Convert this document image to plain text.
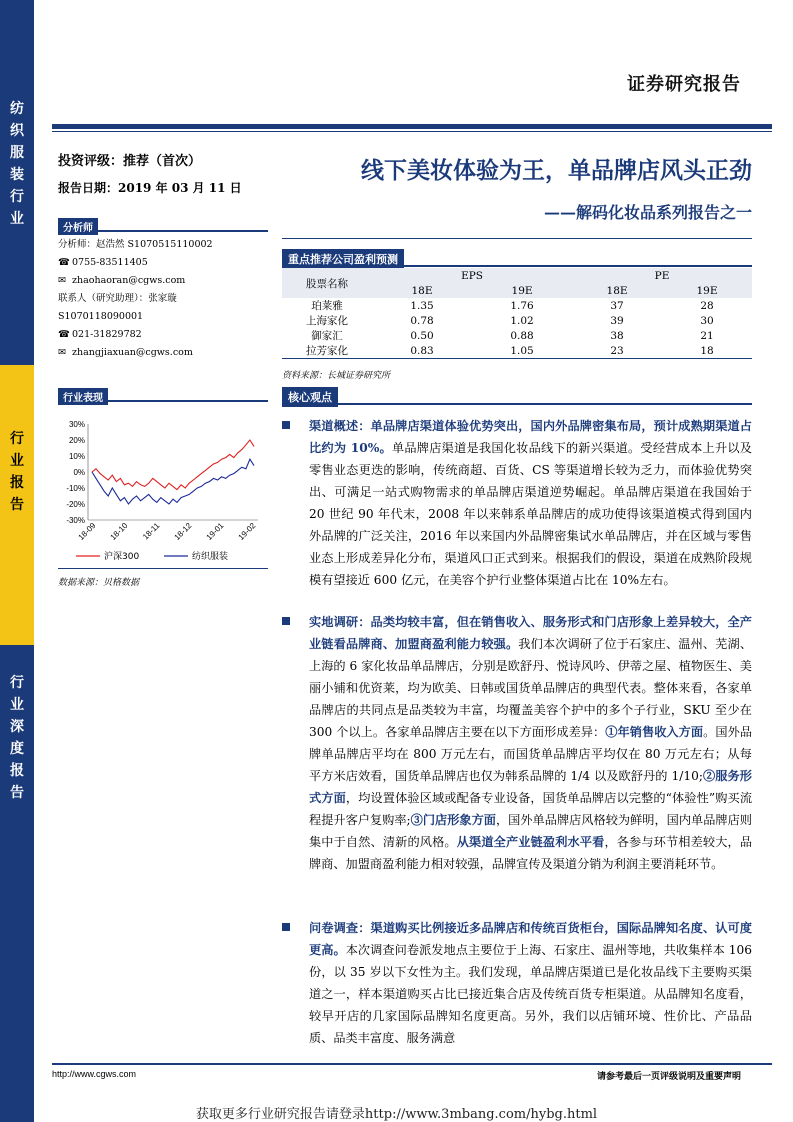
纺
织
服
装
行
业
行
业
报
告
行
业
深
度
报
告
证券研究报告
投资评级：推荐（首次）
报告日期：2019 年 03 月 11 日
分析师
分析师：赵浩然 S1070515110002
☎ 0755-83511405
✉ zhaohaoran@cgws.com
联系人（研究助理）：张家璇
S1070118090001
☎ 021-31829782
✉ zhangjiaxuan@cgws.com
行业表现
30%
20%
10%
0%
-10%
-20%
-30%
18-09 18-10 18-11 18-12 19-01 19-02
沪深300	纺织服装
数据来源：贝格数据
线下美妆体验为王，单品牌店风头正劲
——解码化妆品系列报告之一
重点推荐公司盈利预测
股票名称	EPS		PE	
	18E	19E	18E	19E
珀莱雅	1.35	1.76	37	28
上海家化	0.78	1.02	39	30
御家汇	0.50	0.88	38	21
拉芳家化	0.83	1.05	23	18
资料来源：长城证券研究所
核心观点
渠道概述：单品牌店渠道体验优势突出，国内外品牌密集布局，预计成熟期渠道占比约为 10%。单品牌店渠道是我国化妆品线下的新兴渠道。受经营成本上升以及零售业态更迭的影响，传统商超、百货、CS 等渠道增长较为乏力，而体验优势突出、可满足一站式购物需求的单品牌店渠道逆势崛起。单品牌店渠道在我国始于 20 世纪 90 年代末，2008 年以来韩系单品牌店的成功使得该渠道模式得到国内外品牌的广泛关注，2016 年以来国内外品牌密集试水单品牌店，并在区域与零售业态上形成差异化分布，渠道风口正式到来。根据我们的假设，渠道在成熟阶段规模有望接近 600 亿元，在美容个护行业整体渠道占比在 10%左右。
实地调研：品类均较丰富，但在销售收入、服务形式和门店形象上差异较大，全产业链看品牌商、加盟商盈利能力较强。我们本次调研了位于石家庄、温州、芜湖、上海的 6 家化妆品单品牌店，分别是欧舒丹、悦诗风吟、伊蒂之屋、植物医生、美丽小铺和优资莱，均为欧美、日韩或国货单品牌店的典型代表。整体来看，各家单品牌店的共同点是品类较为丰富，均覆盖美容个护中的多个子行业，SKU 至少在 300 个以上。各家单品牌店主要在以下方面形成差异：①年销售收入方面。国外品牌单品牌店平均在 800 万元左右，而国货单品牌店平均仅在 80 万元左右；从每平方米店效看，国货单品牌店也仅为韩系品牌的 1/4 以及欧舒丹的 1/10;②服务形式方面，均设置体验区域或配备专业设备，国货单品牌店以完整的“体验性”购买流程提升客户复购率;③门店形象方面，国外单品牌店风格较为鲜明，国内单品牌店则集中于自然、清新的风格。从渠道全产业链盈利水平看，各参与环节相差较大，品牌商、加盟商盈利能力相对较强，品牌宣传及渠道分销为利润主要消耗环节。
问卷调查：渠道购买比例接近多品牌店和传统百货柜台，国际品牌知名度、认可度更高。本次调查问卷派发地点主要位于上海、石家庄、温州等地，共收集样本 106 份，以 35 岁以下女性为主。我们发现，单品牌店渠道已是化妆品线下主要购买渠道之一，样本渠道购买占比已接近集合店及传统百货专柜渠道。从品牌知名度看，较早开店的几家国际品牌知名度更高。另外，我们以店铺环境、性价比、产品品质、品类丰富度、服务满意
http://www.cgws.com	请参考最后一页评级说明及重要声明
获取更多行业研究报告请登录http://www.3mbang.com/hybg.html
